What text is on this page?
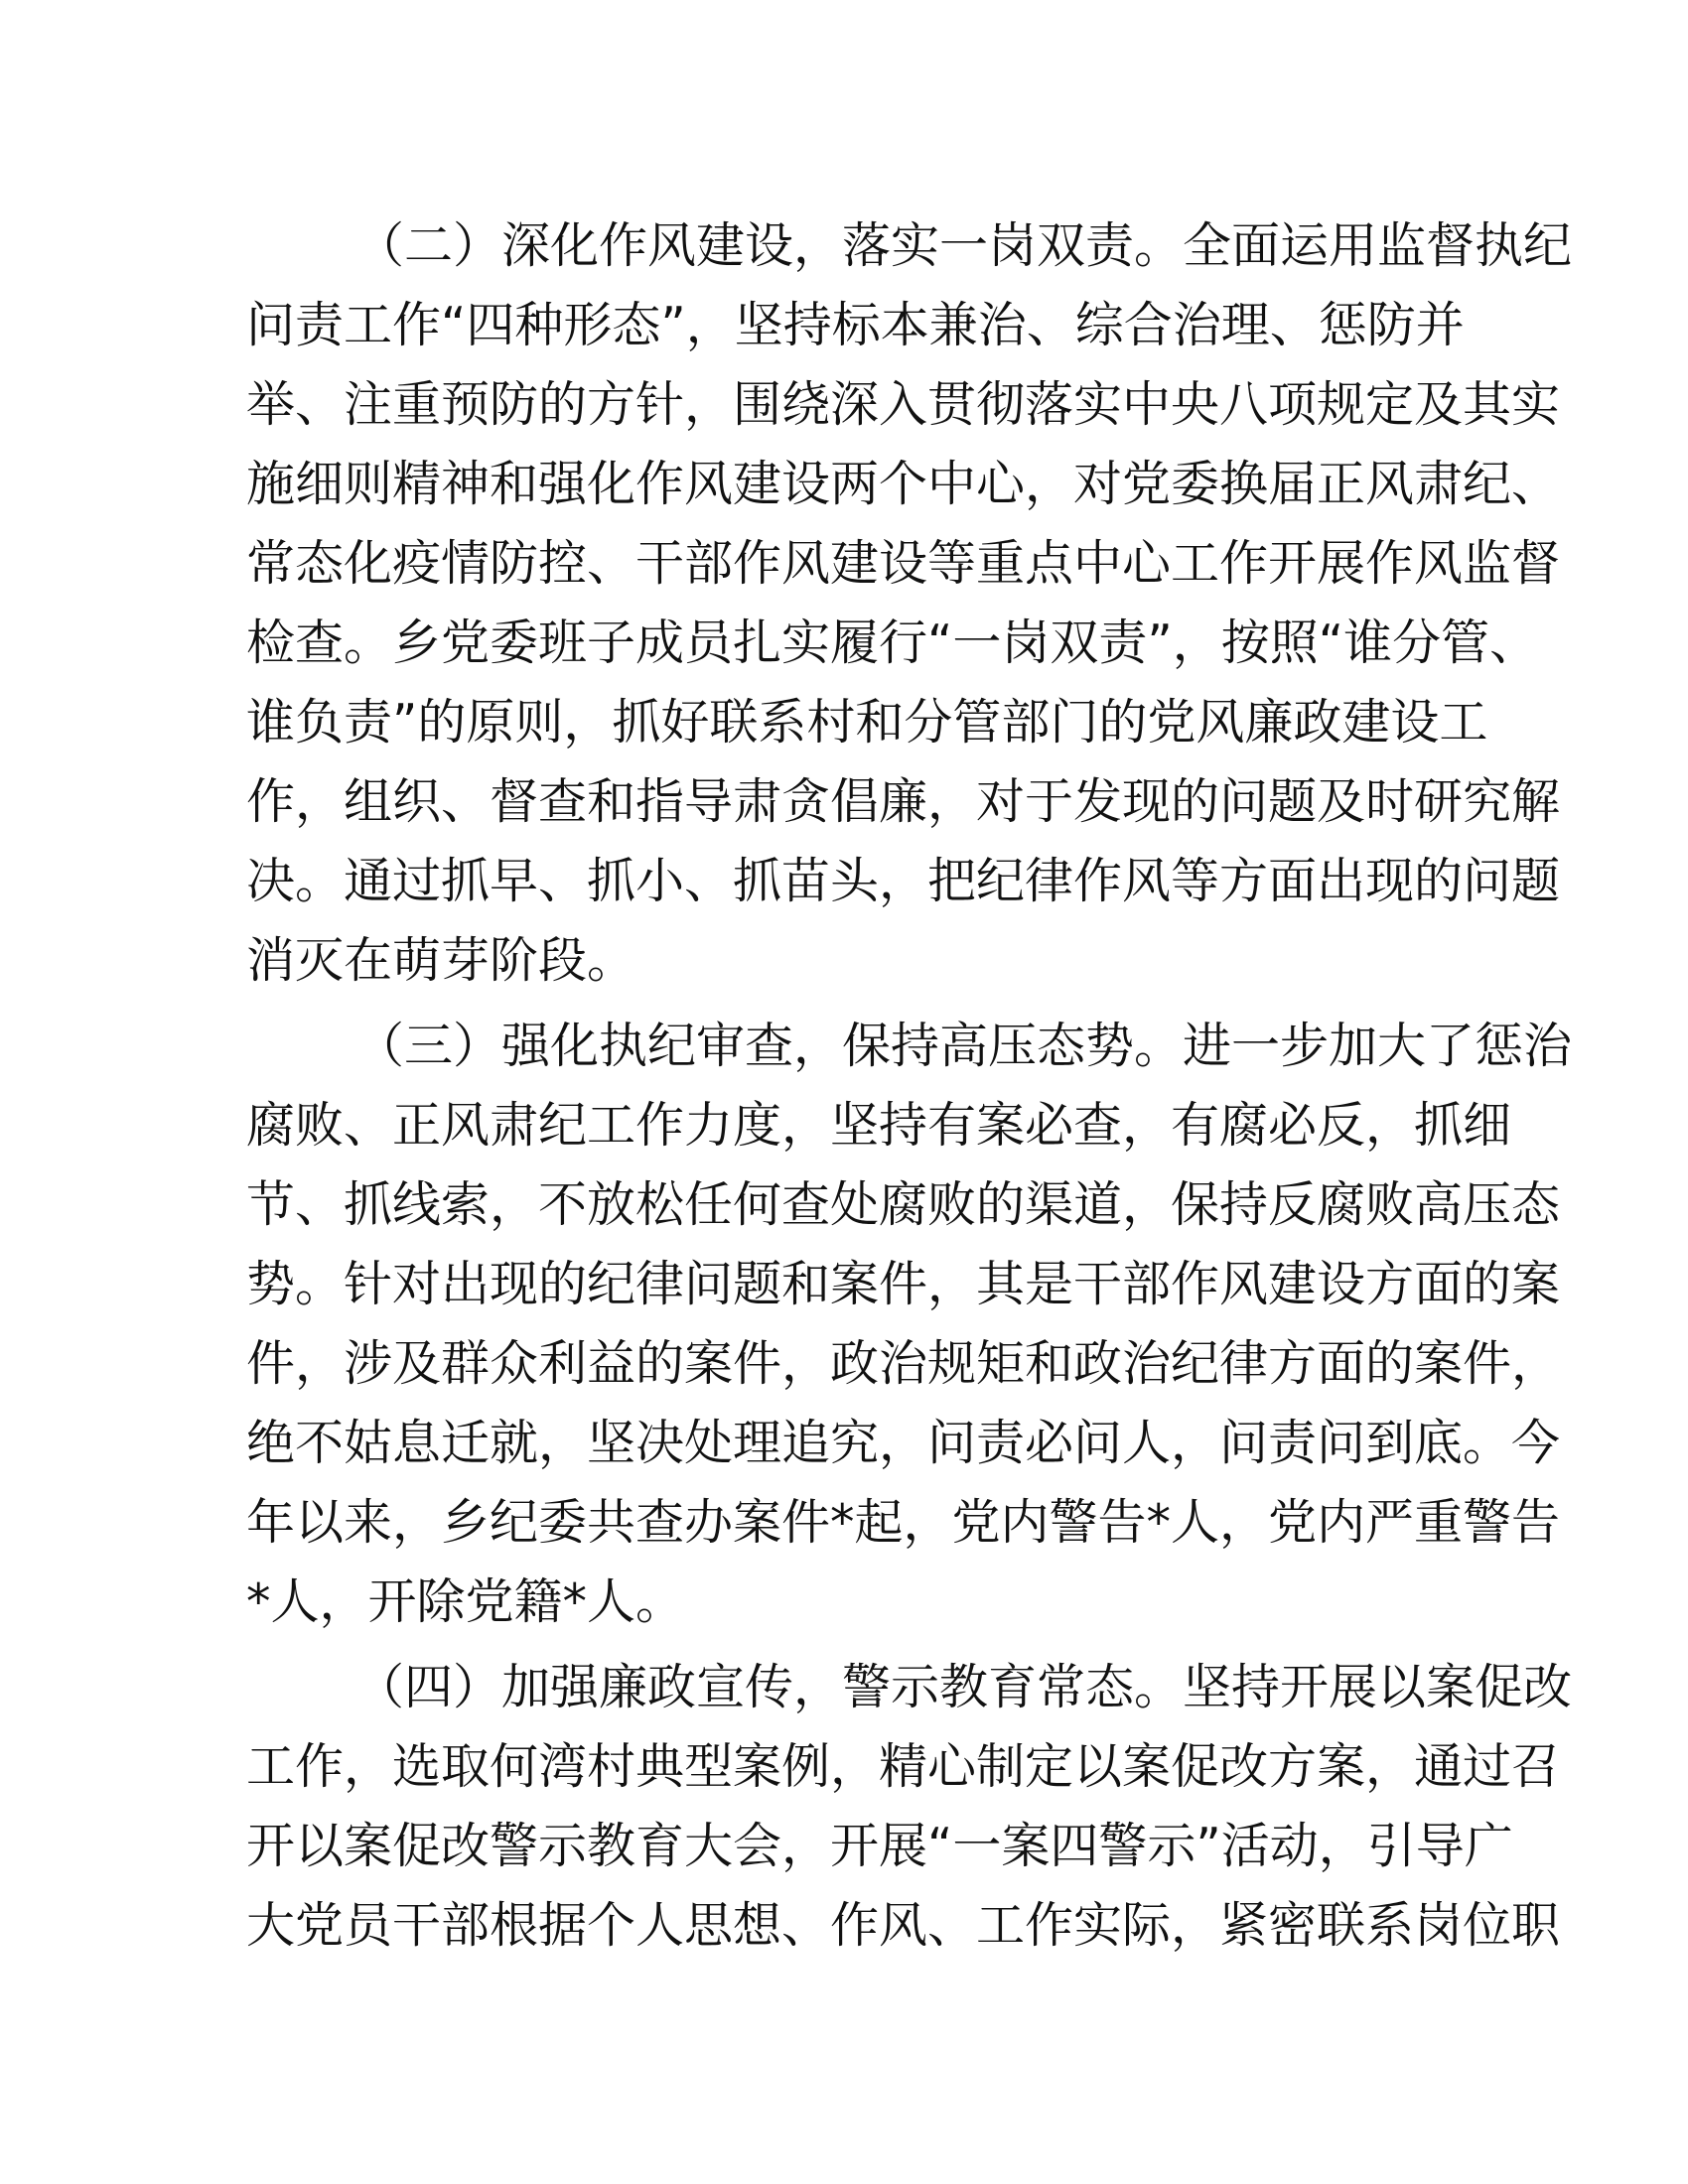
（二）深化作风建设，落实一岗双责。全面运用监督执纪
问责工作“四种形态”，坚持标本兼治、综合治理、惩防并
举、注重预防的方针，围绕深入贯彻落实中央八项规定及其实
施细则精神和强化作风建设两个中心，对党委换届正风肃纪、
常态化疫情防控、干部作风建设等重点中心工作开展作风监督
检查。乡党委班子成员扎实履行“一岗双责”，按照“谁分管、
谁负责”的原则，抓好联系村和分管部门的党风廉政建设工
作，组织、督查和指导肃贪倡廉，对于发现的问题及时研究解
决。通过抓早、抓小、抓苗头，把纪律作风等方面出现的问题
消灭在萌芽阶段。
（三）强化执纪审查，保持高压态势。进一步加大了惩治
腐败、正风肃纪工作力度，坚持有案必查，有腐必反，抓细
节、抓线索，不放松任何查处腐败的渠道，保持反腐败高压态
势。针对出现的纪律问题和案件，其是干部作风建设方面的案
件，涉及群众利益的案件，政治规矩和政治纪律方面的案件，
绝不姑息迁就，坚决处理追究，问责必问人，问责问到底。今
年以来，乡纪委共查办案件*起，党内警告*人，党内严重警告
*人，开除党籍*人。
（四）加强廉政宣传，警示教育常态。坚持开展以案促改
工作，选取何湾村典型案例，精心制定以案促改方案，通过召
开以案促改警示教育大会，开展“一案四警示”活动，引导广
大党员干部根据个人思想、作风、工作实际，紧密联系岗位职
